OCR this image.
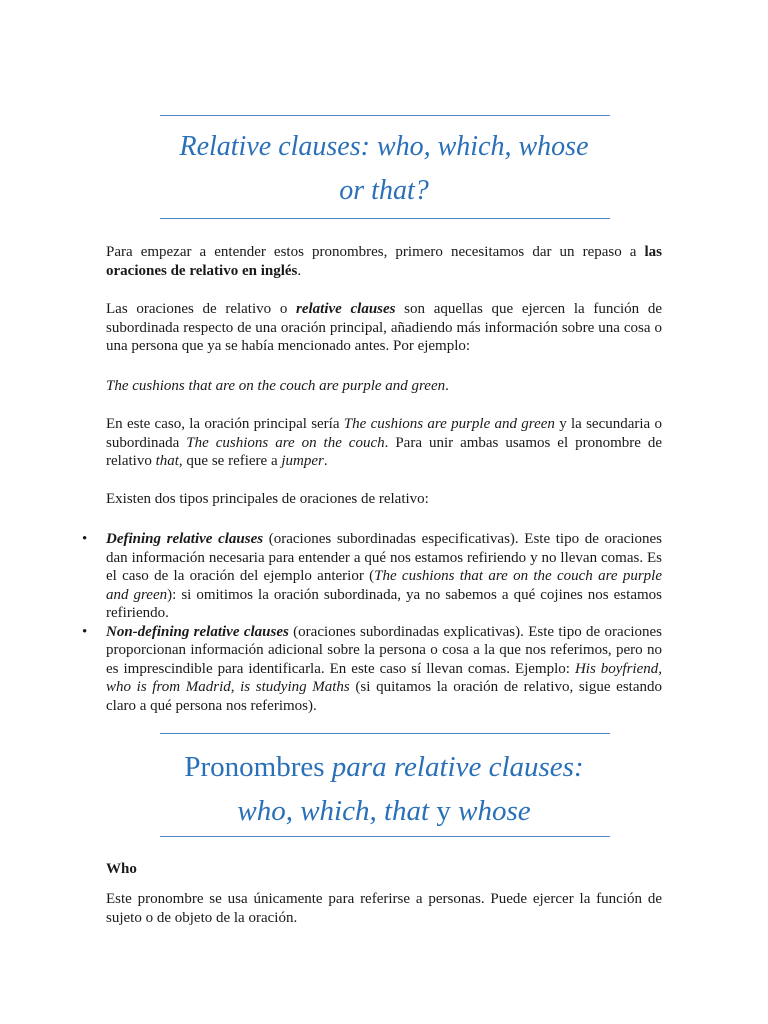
Relative clauses: who, which, whose
or that?

Para empezar a entender estos pronombres, primero necesitamos dar un repaso a las oraciones de relativo en inglés.

Las oraciones de relativo o relative clauses son aquellas que ejercen la función de subordinada respecto de una oración principal, añadiendo más información sobre una cosa o una persona que ya se había mencionado antes. Por ejemplo:

The cushions that are on the couch are purple and green.

En este caso, la oración principal sería The cushions are purple and green y la secundaria o subordinada The cushions are on the couch. Para unir ambas usamos el pronombre de relativo that, que se refiere a jumper.

Existen dos tipos principales de oraciones de relativo:

• Defining relative clauses (oraciones subordinadas especificativas). Este tipo de oraciones dan información necesaria para entender a qué nos estamos refiriendo y no llevan comas. Es el caso de la oración del ejemplo anterior (The cushions that are on the couch are purple and green): si omitimos la oración subordinada, ya no sabemos a qué cojines nos estamos refiriendo.
• Non-defining relative clauses (oraciones subordinadas explicativas). Este tipo de oraciones proporcionan información adicional sobre la persona o cosa a la que nos referimos, pero no es imprescindible para identificarla. En este caso sí llevan comas. Ejemplo: His boyfriend, who is from Madrid, is studying Maths (si quitamos la oración de relativo, sigue estando claro a qué persona nos referimos).
Pronombres para relative clauses:
who, which, that y whose
Who

Este pronombre se usa únicamente para referirse a personas. Puede ejercer la función de sujeto o de objeto de la oración.
